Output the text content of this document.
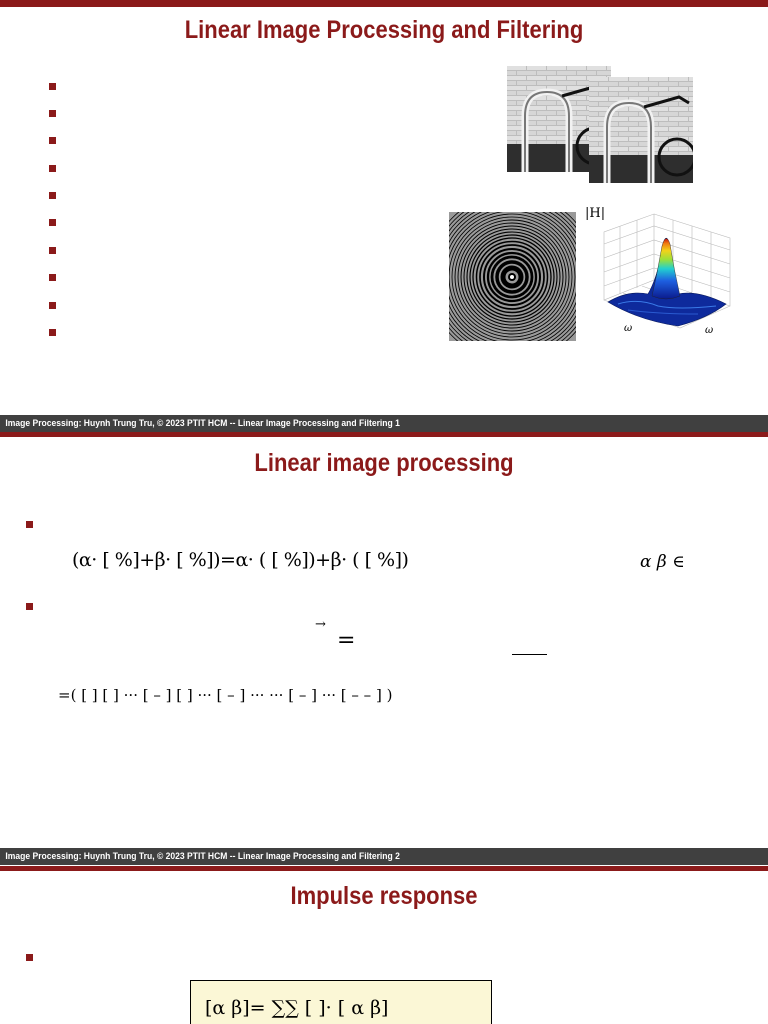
Linear Image Processing and Filtering
|H|
ω	ω
Image Processing: Huynh Trung Tru, © 2023 PTIT HCM -- Linear Image Processing and Filtering 1
Linear image processing
(α· [ %]+β· [ %])=α· ( [ %])+β· ( [ %])	α β ∈
→
=
=( [ ] [ ] ··· [ – ] [ ] ··· [ – ] ··· ··· [ – ] ··· [ – – ] )
Image Processing: Huynh Trung Tru, © 2023 PTIT HCM -- Linear Image Processing and Filtering 2
Impulse response
[α β]= ∑∑ [ ]· [ α β]
